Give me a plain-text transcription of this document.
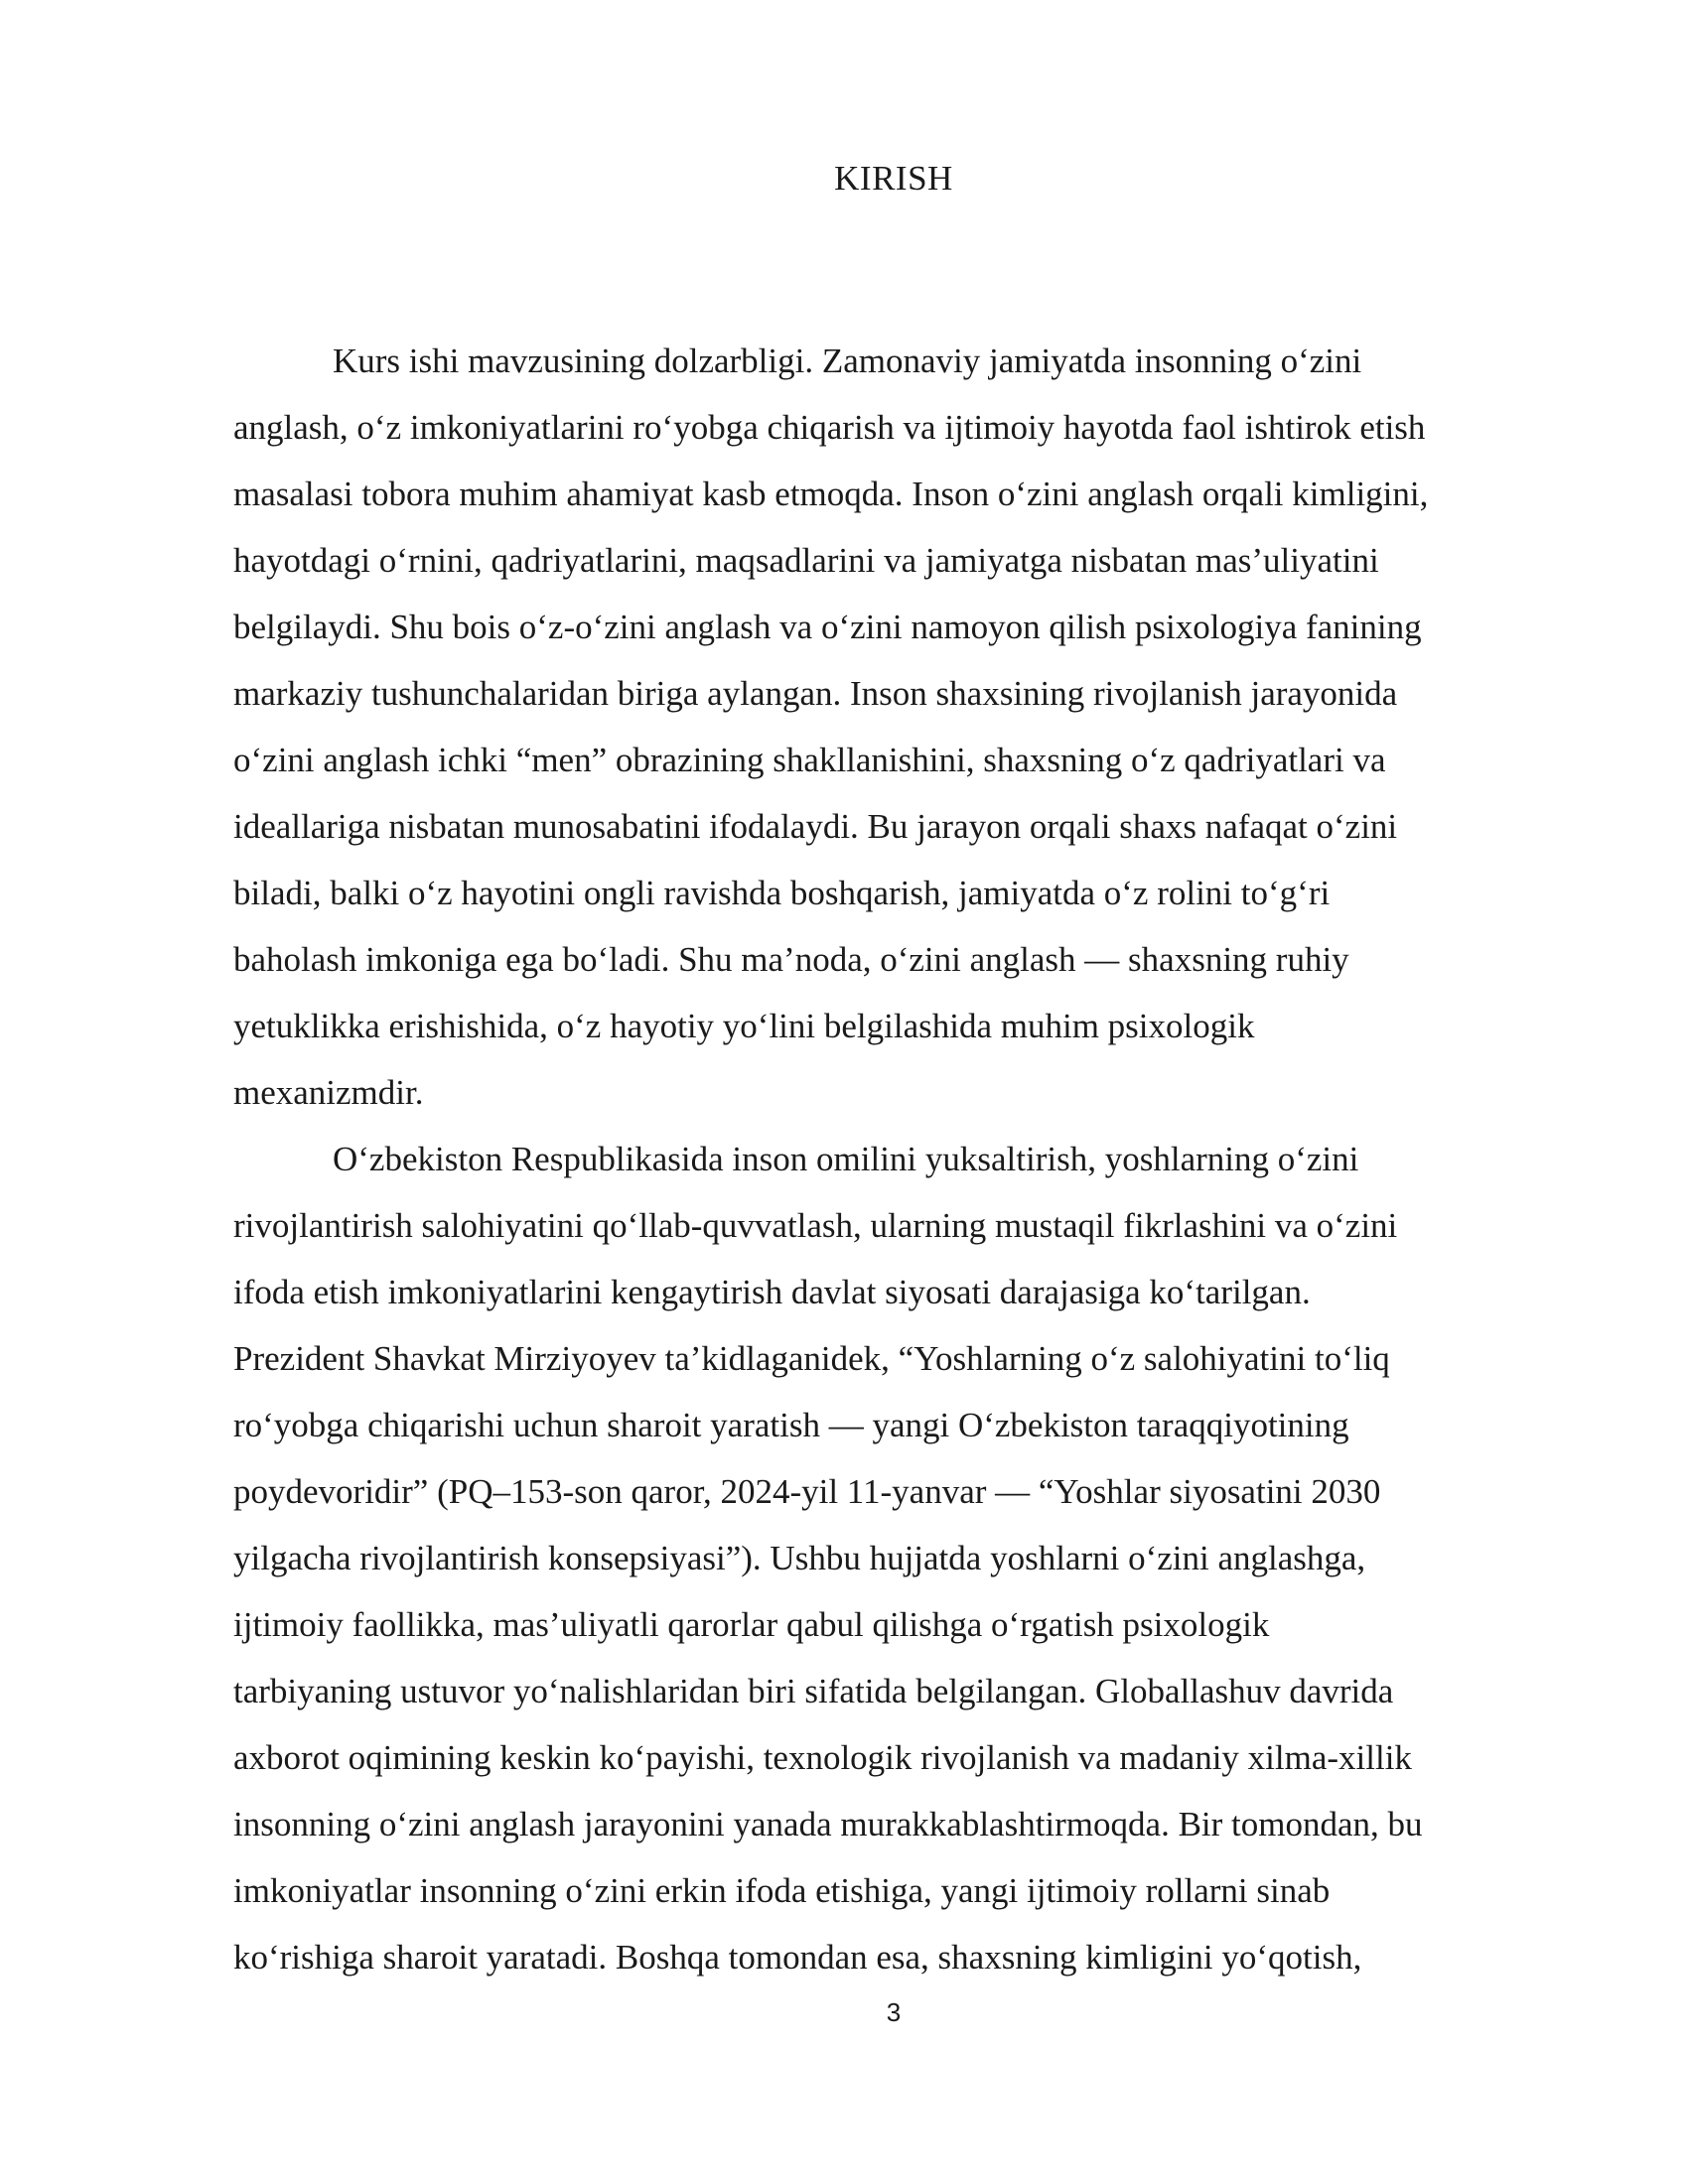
KIRISH
Kurs ishi mavzusining dolzarbligi. Zamonaviy jamiyatda insonning o‘zini
anglash, o‘z imkoniyatlarini ro‘yobga chiqarish va ijtimoiy hayotda faol ishtirok etish
masalasi tobora muhim ahamiyat kasb etmoqda. Inson o‘zini anglash orqali kimligini,
hayotdagi o‘rnini, qadriyatlarini, maqsadlarini va jamiyatga nisbatan mas’uliyatini
belgilaydi. Shu bois o‘z-o‘zini anglash va o‘zini namoyon qilish psixologiya fanining
markaziy tushunchalaridan biriga aylangan. Inson shaxsining rivojlanish jarayonida
o‘zini anglash ichki “men” obrazining shakllanishini, shaxsning o‘z qadriyatlari va
ideallariga nisbatan munosabatini ifodalaydi. Bu jarayon orqali shaxs nafaqat o‘zini
biladi, balki o‘z hayotini ongli ravishda boshqarish, jamiyatda o‘z rolini to‘g‘ri
baholash imkoniga ega bo‘ladi. Shu ma’noda, o‘zini anglash — shaxsning ruhiy
yetuklikka erishishida, o‘z hayotiy yo‘lini belgilashida muhim psixologik
mexanizmdir.
O‘zbekiston Respublikasida inson omilini yuksaltirish, yoshlarning o‘zini
rivojlantirish salohiyatini qo‘llab-quvvatlash, ularning mustaqil fikrlashini va o‘zini
ifoda etish imkoniyatlarini kengaytirish davlat siyosati darajasiga ko‘tarilgan.
Prezident Shavkat Mirziyoyev ta’kidlaganidek, “Yoshlarning o‘z salohiyatini to‘liq
ro‘yobga chiqarishi uchun sharoit yaratish — yangi O‘zbekiston taraqqiyotining
poydevoridir” (PQ–153-son qaror, 2024-yil 11-yanvar — “Yoshlar siyosatini 2030
yilgacha rivojlantirish konsepsiyasi”). Ushbu hujjatda yoshlarni o‘zini anglashga,
ijtimoiy faollikka, mas’uliyatli qarorlar qabul qilishga o‘rgatish psixologik
tarbiyaning ustuvor yo‘nalishlaridan biri sifatida belgilangan. Globallashuv davrida
axborot oqimining keskin ko‘payishi, texnologik rivojlanish va madaniy xilma-xillik
insonning o‘zini anglash jarayonini yanada murakkablashtirmoqda. Bir tomondan, bu
imkoniyatlar insonning o‘zini erkin ifoda etishiga, yangi ijtimoiy rollarni sinab
ko‘rishiga sharoit yaratadi. Boshqa tomondan esa, shaxsning kimligini yo‘qotish,
3
